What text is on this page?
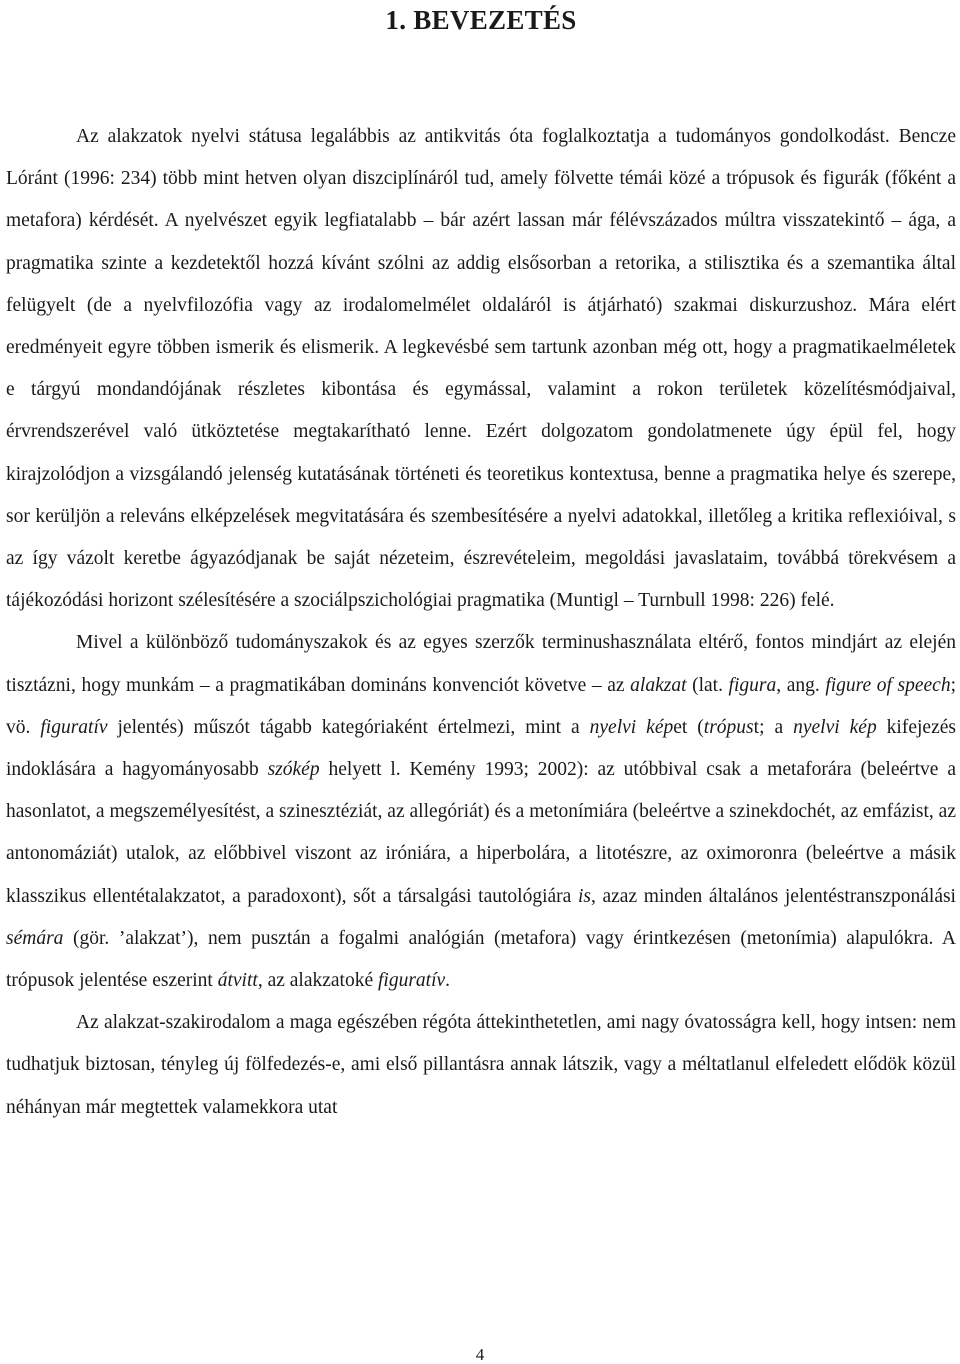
1. BEVEZETÉS

Az alakzatok nyelvi státusa legalábbis az antikvitás óta foglalkoztatja a tudományos gondolkodást. Bencze Lóránt (1996: 234) több mint hetven olyan diszciplínáról tud, amely fölvette témái közé a trópusok és figurák (főként a metafora) kérdését. A nyelvészet egyik legfiatalabb – bár azért lassan már félévszázados múltra visszatekintő – ága, a pragmatika szinte a kezdetektől hozzá kívánt szólni az addig elsősorban a retorika, a stilisztika és a szemantika által felügyelt (de a nyelvfilozófia vagy az irodalomelmélet oldaláról is átjárható) szakmai diskurzushoz. Mára elért eredményeit egyre többen ismerik és elismerik. A legkevésbé sem tartunk azonban még ott, hogy a pragmatikaelméletek e tárgyú mondandójának részletes kibontása és egymással, valamint a rokon területek közelítésmódjaival, érvrendszerével való ütköztetése megtakarítható lenne. Ezért dolgozatom gondolatmenete úgy épül fel, hogy kirajzolódjon a vizsgálandó jelenség kutatásának történeti és teoretikus kontextusa, benne a pragmatika helye és szerepe, sor kerüljön a releváns elképzelések megvitatására és szembesítésére a nyelvi adatokkal, illetőleg a kritika reflexióival, s az így vázolt keretbe ágyazódjanak be saját nézeteim, észrevételeim, megoldási javaslataim, továbbá törekvésem a tájékozódási horizont szélesítésére a szociálpszichológiai pragmatika (Muntigl – Turnbull 1998: 226) felé.

Mivel a különböző tudományszakok és az egyes szerzők terminushasználata eltérő, fontos mindjárt az elején tisztázni, hogy munkám – a pragmatikában domináns konvenciót követve – az alakzat (lat. figura, ang. figure of speech; vö. figuratív jelentés) műszót tágabb kategóriaként értelmezi, mint a nyelvi képet (trópust; a nyelvi kép kifejezés indoklására a hagyományosabb szókép helyett l. Kemény 1993; 2002): az utóbbival csak a metaforára (beleértve a hasonlatot, a megszemélyesítést, a szinesztéziát, az allegóriát) és a metonímiára (beleértve a szinekdochét, az emfázist, az antonomáziát) utalok, az előbbivel viszont az iróniára, a hiperbolára, a litotészre, az oximoronra (beleértve a másik klasszikus ellentétalakzatot, a paradoxont), sőt a társalgási tautológiára is, azaz minden általános jelentéstranszponálási sémára (gör. ’alakzat’), nem pusztán a fogalmi analógián (metafora) vagy érintkezésen (metonímia) alapulókra. A trópusok jelentése eszerint átvitt, az alakzatoké figuratív.

Az alakzat-szakirodalom a maga egészében régóta áttekinthetetlen, ami nagy óvatosságra kell, hogy intsen: nem tudhatjuk biztosan, tényleg új fölfedezés-e, ami első pillantásra annak látszik, vagy a méltatlanul elfeledett elődök közül néhányan már megtettek valamekkora utat

4
